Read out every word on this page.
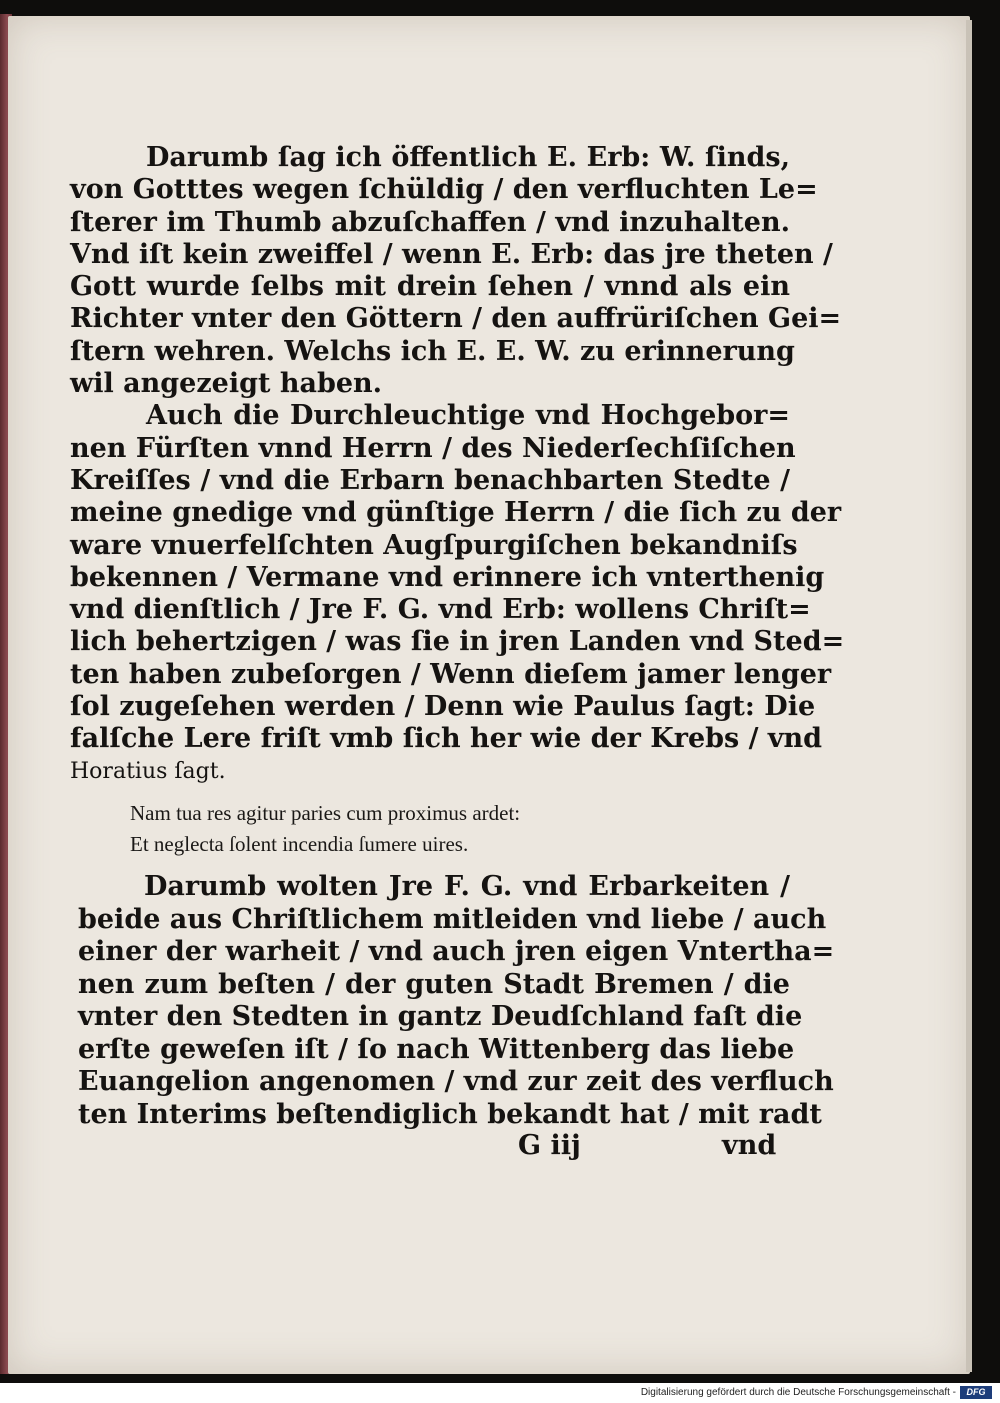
Darumb ſag ich öffentlich E. Erb: W. ſinds,
von Gotttes wegen ſchüldig / den verfluchten Le=
ſterer im Thumb abzuſchaffen / vnd inzuhalten.
Vnd iſt kein zweiffel / wenn E. Erb: das jre theten /
Gott wurde ſelbs mit drein ſehen / vnnd als ein
Richter vnter den Göttern / den auffrüriſchen Gei=
ſtern wehren. Welchs ich E. E. W. zu erinnerung
wil angezeigt haben.
Auch die Durchleuchtige vnd Hochgebor=
nen Fürſten vnnd Herrn / des Niederſechſiſchen
Kreiſſes / vnd die Erbarn benachbarten Stedte /
meine gnedige vnd günſtige Herrn / die ſich zu der
ware vnuerfelſchten Augſpurgiſchen bekandniſs
bekennen / Vermane vnd erinnere ich vnterthenig
vnd dienſtlich / Jre F. G. vnd Erb: wollens Chriſt=
lich behertzigen / was ſie in jren Landen vnd Sted=
ten haben zubeſorgen / Wenn dieſem jamer lenger
ſol zugeſehen werden / Denn wie Paulus ſagt: Die
falſche Lere friſt vmb ſich her wie der Krebs / vnd
Horatius ſagt.
Nam tua res agitur paries cum proximus ardet:
Et neglecta ſolent incendia ſumere uires.
Darumb wolten Jre F. G. vnd Erbarkeiten /
beide aus Chriſtlichem mitleiden vnd liebe / auch
einer der warheit / vnd auch jren eigen Vntertha=
nen zum beſten / der guten Stadt Bremen / die
vnter den Stedten in gantz Deudſchland faſt die
erſte geweſen iſt / ſo nach Wittenberg das liebe
Euangelion angenomen / vnd zur zeit des verfluch
ten Interims beſtendiglich bekandt hat / mit radt
G iij	vnd
Digitalisierung gefördert durch die Deutsche Forschungsgemeinschaft -	DFG
